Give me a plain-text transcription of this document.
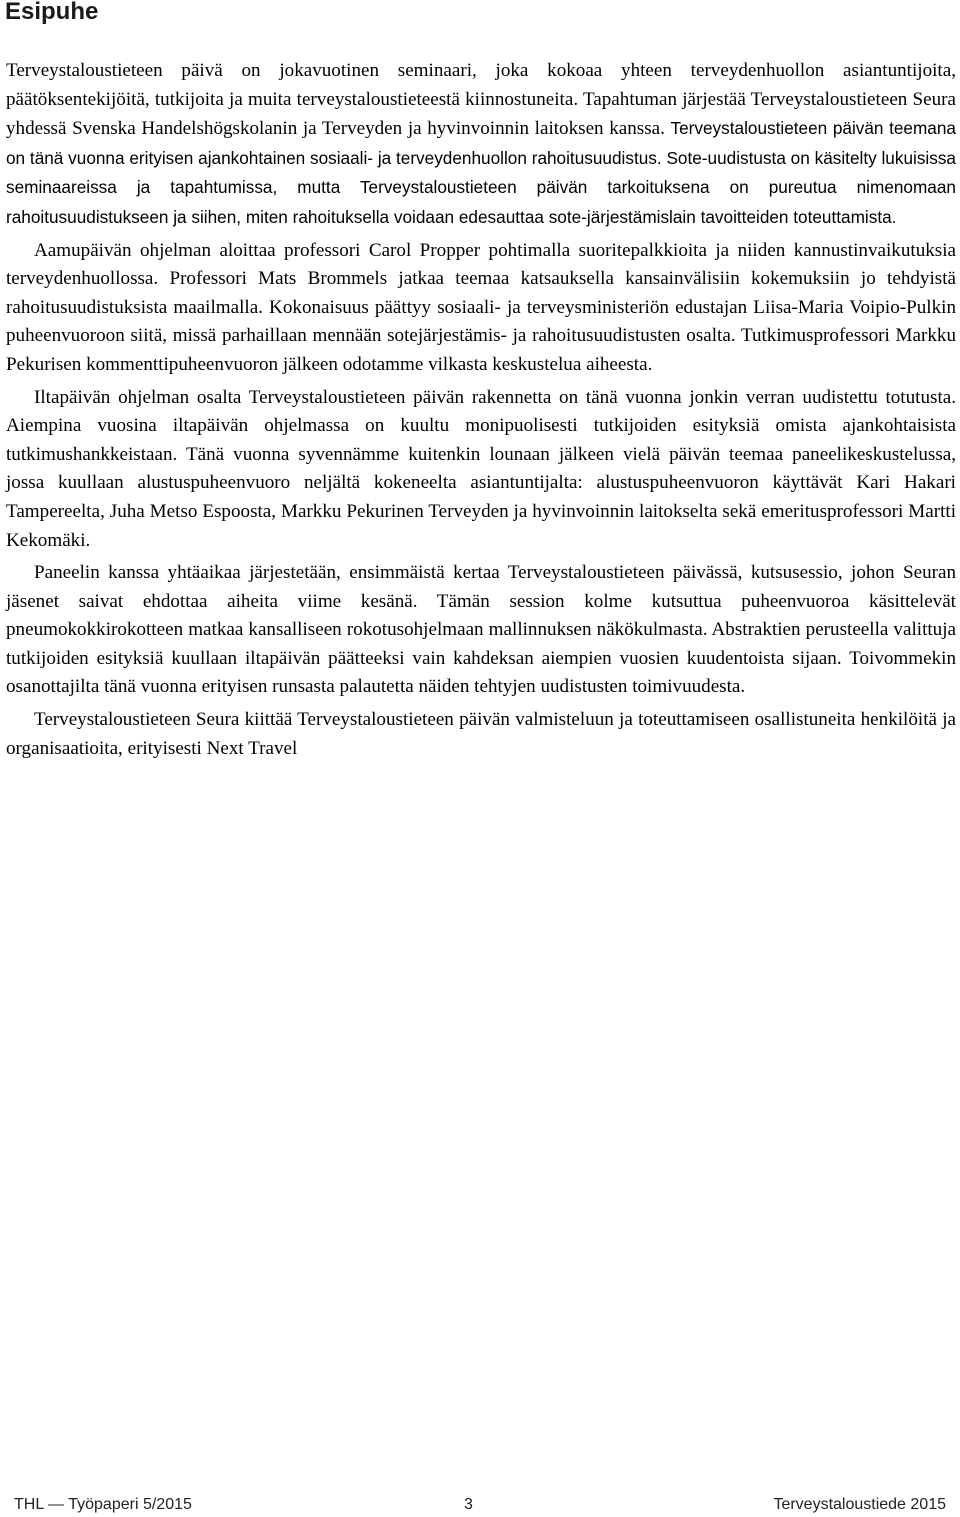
Esipuhe

Terveystaloustieteen päivä on jokavuotinen seminaari, joka kokoaa yhteen terveydenhuollon asiantuntijoita, päätöksentekijöitä, tutkijoita ja muita terveystaloustieteestä kiinnostuneita. Tapahtuman järjestää Terveystaloustieteen Seura yhdessä Svenska Handelshögskolanin ja Terveyden ja hyvinvoinnin laitoksen kanssa. Terveystaloustieteen päivän teemana on tänä vuonna erityisen ajankohtainen sosiaali- ja terveydenhuollon rahoitusuudistus. Sote-uudistusta on käsitelty lukuisissa seminaareissa ja tapahtumissa, mutta Terveystaloustieteen päivän tarkoituksena on pureutua nimenomaan rahoitusuudistukseen ja siihen, miten rahoituksella voidaan edesauttaa sote-järjestämislain tavoitteiden toteuttamista.

Aamupäivän ohjelman aloittaa professori Carol Propper pohtimalla suoritepalkkioita ja niiden kannustinvaikutuksia terveydenhuollossa. Professori Mats Brommels jatkaa teemaa katsauksella kansainvälisiin kokemuksiin jo tehdyistä rahoitusuudistuksista maailmalla. Kokonaisuus päättyy sosiaali- ja terveysministeriön edustajan Liisa-Maria Voipio-Pulkin puheenvuoroon siitä, missä parhaillaan mennään sotejärjestämis- ja rahoitusuudistusten osalta. Tutkimusprofessori Markku Pekurisen kommenttipuheenvuoron jälkeen odotamme vilkasta keskustelua aiheesta.

Iltapäivän ohjelman osalta Terveystaloustieteen päivän rakennetta on tänä vuonna jonkin verran uudistettu totutusta. Aiempina vuosina iltapäivän ohjelmassa on kuultu monipuolisesti tutkijoiden esityksiä omista ajankohtaisista tutkimushankkeistaan. Tänä vuonna syvennämme kuitenkin lounaan jälkeen vielä päivän teemaa paneelikeskustelussa, jossa kuullaan alustuspuheenvuoro neljältä kokeneelta asiantuntijalta: alustuspuheenvuoron käyttävät Kari Hakari Tampereelta, Juha Metso Espoosta, Markku Pekurinen Terveyden ja hyvinvoinnin laitokselta sekä emeritusprofessori Martti Kekomäki.

Paneelin kanssa yhtäaikaa järjestetään, ensimmäistä kertaa Terveystaloustieteen päivässä, kutsusessio, johon Seuran jäsenet saivat ehdottaa aiheita viime kesänä. Tämän session kolme kutsuttua puheenvuoroa käsittelevät pneumokokkirokotteen matkaa kansalliseen rokotusohjelmaan mallinnuksen näkökulmasta. Abstraktien perusteella valittuja tutkijoiden esityksiä kuullaan iltapäivän päätteeksi vain kahdeksan aiempien vuosien kuudentoista sijaan. Toivommekin osanottajilta tänä vuonna erityisen runsasta palautetta näiden tehtyjen uudistusten toimivuudesta.

Terveystaloustieteen Seura kiittää Terveystaloustieteen päivän valmisteluun ja toteuttamiseen osallistuneita henkilöitä ja organisaatioita, erityisesti Next Travel

THL — Työpaperi 5/2015	3	Terveystaloustiede 2015
